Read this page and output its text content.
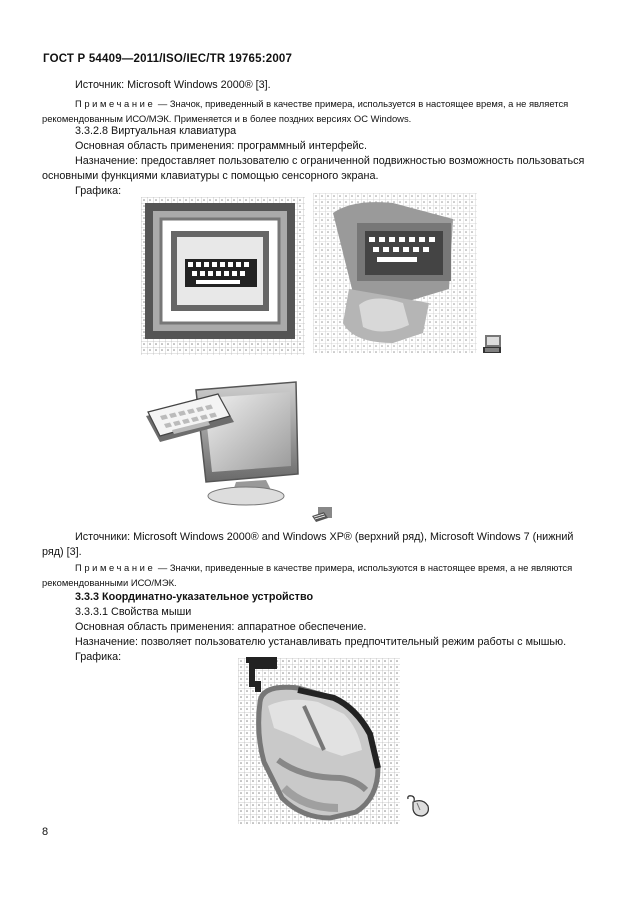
ГОСТ Р 54409—2011/ISO/IEC/TR 19765:2007
Источник: Microsoft Windows 2000® [3].
Примечание — Значок, приведенный в качестве примера, используется в настоящее время, а не является рекомендованным ИСО/МЭК. Применяется и в более поздних версиях ОС Windows.
3.3.2.8 Виртуальная клавиатура
Основная область применения: программный интерфейс.
Назначение: предоставляет пользователю с ограниченной подвижностью возможность пользоваться основными функциями клавиатуры с помощью сенсорного экрана.
Графика:
Источники: Microsoft Windows 2000® and Windows XP® (верхний ряд), Microsoft Windows 7 (нижний ряд) [3].
Примечание — Значки, приведенные в качестве примера, используются в настоящее время, а не являются рекомендованными ИСО/МЭК.
3.3.3 Координатно-указательное устройство
3.3.3.1 Свойства мыши
Основная область применения: аппаратное обеспечение.
Назначение: позволяет пользователю устанавливать предпочтительный режим работы с мышью.
Графика:
8
